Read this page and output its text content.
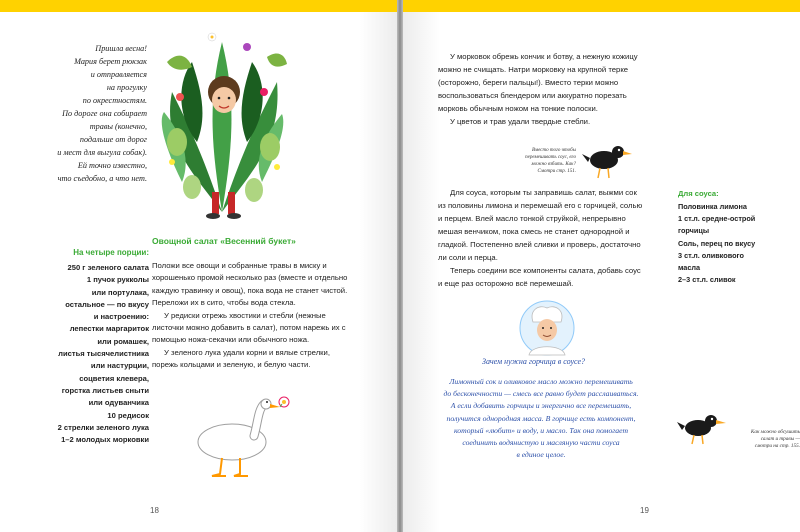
Пришла весна!
Мария берет рюкзак
и отправляется
на прогулку
по окрестностям.
По дороге она собирает
травы (конечно,
подальше от дорог
и мест для выгула собак).
Ей точно известно,
что съедобно, а что нет.
На четыре порции:
250 г зеленого салата
1 пучок рукколы
или портулака,
остальное — по вкусу
и настроению:
лепестки маргариток
или ромашек,
листья тысячелистника
или настурции,
соцветия клевера,
горстка листьев сныти
или одуванчика
10 редисок
2 стрелки зеленого лука
1–2 молодых морковки
Овощной салат «Весенний букет»

Положи все овощи и собранные травы в миску и хорошенько промой несколько раз (вместе и отдельно каждую травинку и овощ), пока вода не станет чистой. Переложи их в сито, чтобы вода стекла.

У редиски отрежь хвостики и стебли (нежные листочки можно добавить в салат), потом нарежь их с помощью ножа-секачки или обычного ножа.

У зеленого лука удали корни и вялые стрелки, порежь кольцами и зеленую, и белую части.

18

У морковок обрежь кончик и ботву, а нежную кожицу можно не счищать. Натри морковку на крупной терке (осторожно, береги пальцы!). Вместо терки можно воспользоваться блендером или аккуратно порезать морковь обычным ножом на тонкие полоски.

У цветов и трав удали твердые стебли.

Вместо того чтобы
перемешивать соус, его
можно взбить. Как?
Смотри стр. 151.

Для соуса, которым ты заправишь салат, выжми сок из половины лимона и перемешай его с горчицей, солью и перцем. Влей масло тонкой струйкой, непрерывно мешая венчиком, пока смесь не станет однородной и гладкой. Постепенно влей сливки и проверь, достаточно ли соли и перца.

Теперь соедини все компоненты салата, добавь соус и еще раз осторожно всё перемешай.

Для соуса:
Половинка лимона
1 ст.л. средне-острой
горчицы
Соль, перец по вкусу
3 ст.л. оливкового
масла
2–3 ст.л. сливок
Зачем нужна горчица в соусе?
Лимонный сок и оливковое масло можно перемешивать
до бесконечности — смесь все равно будет расслаиваться.
А если добавить горчицы и энергично все перемешать,
получится однородная масса. В горчице есть компонент,
который «любит» и воду, и масло. Так она помогает
соединить водянистую и масляную части соуса
в единое целое.
Как можно обсушить
салат и травы —
смотри на стр. 155.
19
